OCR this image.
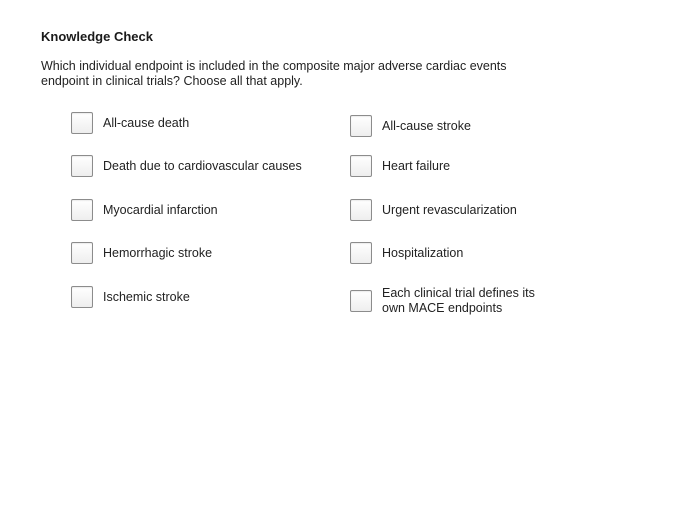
Knowledge Check
Which individual endpoint is included in the composite major adverse cardiac events endpoint in clinical trials? Choose all that apply.
All-cause death
Death due to cardiovascular causes
Myocardial infarction
Hemorrhagic stroke
Ischemic stroke
All-cause stroke
Heart failure
Urgent revascularization
Hospitalization
Each clinical trial defines its own MACE endpoints
